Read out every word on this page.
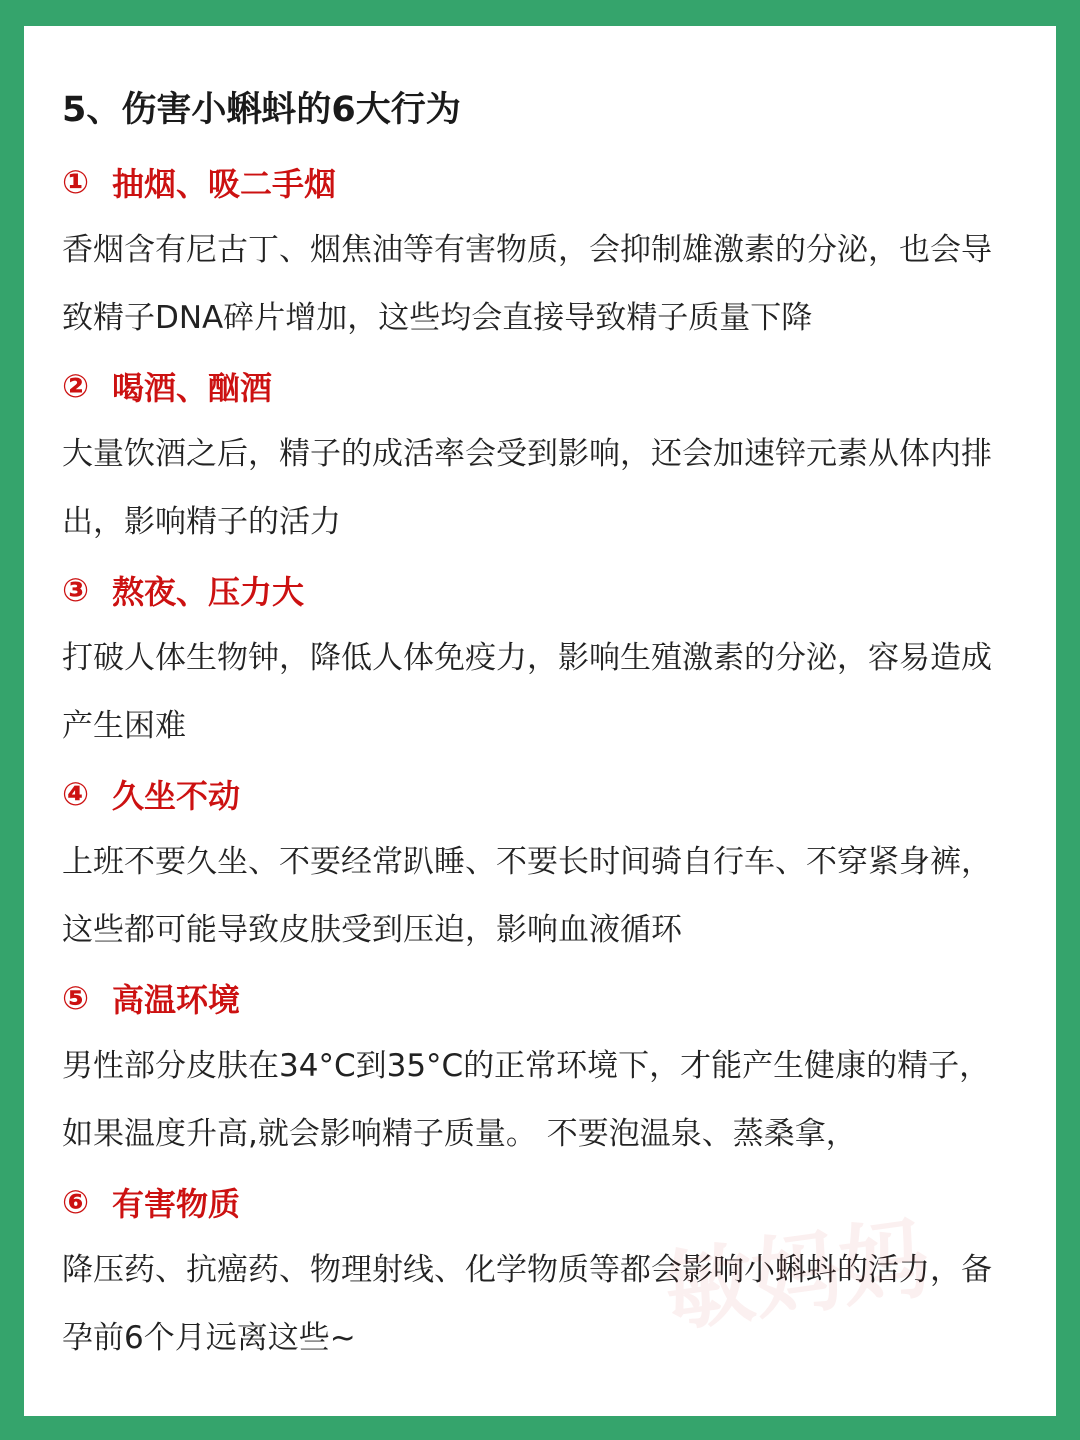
5、伤害小蝌蚪的6大行为
① 抽烟、吸二手烟
香烟含有尼古丁、烟焦油等有害物质，会抑制雄激素的分泌，也会导
致精子DNA碎片增加，这些均会直接导致精子质量下降
② 喝酒、酗酒
大量饮酒之后，精子的成活率会受到影响，还会加速锌元素从体内排
出，影响精子的活力
③ 熬夜、压力大
打破人体生物钟，降低人体免疫力，影响生殖激素的分泌，容易造成
产生困难
④ 久坐不动
上班不要久坐、不要经常趴睡、不要长时间骑自行车、不穿紧身裤，
这些都可能导致皮肤受到压迫，影响血液循环
⑤ 高温环境
男性部分皮肤在34°C到35°C的正常环境下，才能产生健康的精子，
如果温度升高,就会影响精子质量。 不要泡温泉、蒸桑拿，
⑥ 有害物质
降压药、抗癌药、物理射线、化学物质等都会影响小蝌蚪的活力，备
孕前6个月远离这些~	敏妈妈
